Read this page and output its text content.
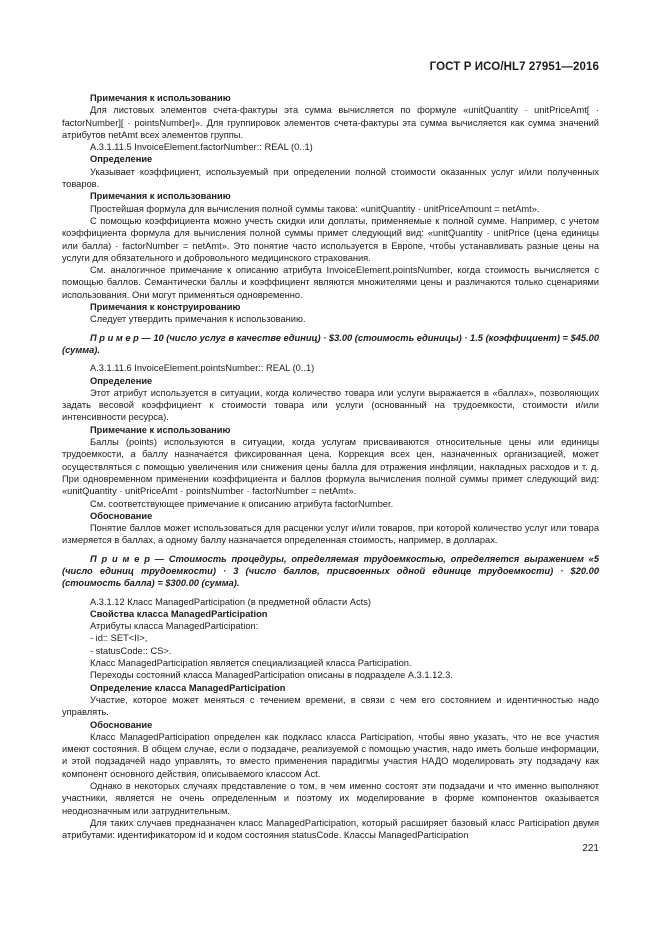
ГОСТ Р ИСО/HL7 27951—2016

Примечания к использованию

Для листовых элементов счета-фактуры эта сумма вычисляется по формуле «unitQuantity · unitPriceAmt[ · factorNumber][ · pointsNumber]». Для группировок элементов счета-фактуры эта сумма вычисляется как сумма значений атрибутов netAmt всех элементов группы.

A.3.1.11.5 InvoiceElement.factorNumber:: REAL (0..1)

Определение

Указывает коэффициент, используемый при определении полной стоимости оказанных услуг и/или полученных товаров.

Примечания к использованию

Простейшая формула для вычисления полной суммы такова: «unitQuantity · unitPriceAmount = netAmt».

С помощью коэффициента можно учесть скидки или доплаты, применяемые к полной сумме. Например, с учетом коэффициента формула для вычисления полной суммы примет следующий вид: «unitQuantity · unitPrice (цена единицы или балла) · factorNumber = netAmt». Это понятие часто используется в Европе, чтобы устанавливать разные цены на услуги для обязательного и добровольного медицинского страхования.

См. аналогичное примечание к описанию атрибута InvoiceElement.pointsNumber, когда стоимость вычисляется с помощью баллов. Семантически баллы и коэффициент являются множителями цены и различаются только сценариями использования. Они могут применяться одновременно.

Примечания к конструированию

Следует утвердить примечания к использованию.

П р и м е р — 10 (число услуг в качестве единиц) · $3.00 (стоимость единицы) · 1.5 (коэффициент) = $45.00 (сумма).

A.3.1.11.6 InvoiceElement.pointsNumber:: REAL (0..1)

Определение

Этот атрибут используется в ситуации, когда количество товара или услуги выражается в «баллах», позволяющих задать весовой коэффициент к стоимости товара или услуги (основанный на трудоемкости, стоимости и/или интенсивности ресурса).

Примечание к использованию

Баллы (points) используются в ситуации, когда услугам присваиваются относительные цены или единицы трудоемкости, а баллу назначается фиксированная цена. Коррекция всех цен, назначенных организацией, может осуществляться с помощью увеличения или снижения цены балла для отражения инфляции, накладных расходов и т. д. При одновременном применении коэффициента и баллов формула вычисления полной суммы примет следующий вид: «unitQuantity · unitPriceAmt · pointsNumber · factorNumber = netAmt».

См. соответствующее примечание к описанию атрибута factorNumber.

Обоснование

Понятие баллов может использоваться для расценки услуг и/или товаров, при которой количество услуг или товара измеряется в баллах, а одному баллу назначается определенная стоимость, например, в долларах.

П р и м е р — Стоимость процедуры, определяемая трудоемкостью, определяется выражением «5 (число единиц трудоемкости) · 3 (число баллов, присвоенных одной единице трудоемкости) · $20.00 (стоимость балла) = $300.00 (сумма).

A.3.1.12 Класс ManagedParticipation (в предметной области Acts)

Свойства класса ManagedParticipation

Атрибуты класса ManagedParticipation:

- id:: SET<II>,

- statusCode:: CS>.

Класс ManagedParticipation является специализацией класса Participation.

Переходы состояний класса ManagedParticipation описаны в подразделе А.3.1.12.3.

Определение класса ManagedParticipation

Участие, которое может меняться с течением времени, в связи с чем его состоянием и идентичностью надо управлять.

Обоснование

Класс ManagedParticipation определен как подкласс класса Participation, чтобы явно указать, что не все участия имеют состояния. В общем случае, если о подзадаче, реализуемой с помощью участия, надо иметь больше информации, и этой подзадачей надо управлять, то вместо применения парадигмы участия НАДО моделировать эту подзадачу как компонент основного действия, описываемого классом Act.

Однако в некоторых случаях представление о том, в чем именно состоят эти подзадачи и что именно выполняют участники, является не очень определенным и поэтому их моделирование в форме компонентов оказывается неоднозначным или затруднительным.

Для таких случаев предназначен класс ManagedParticipation, который расширяет базовый класс Participation двумя атрибутами: идентификатором id и кодом состояния statusCode. Классы ManagedParticipation

221
